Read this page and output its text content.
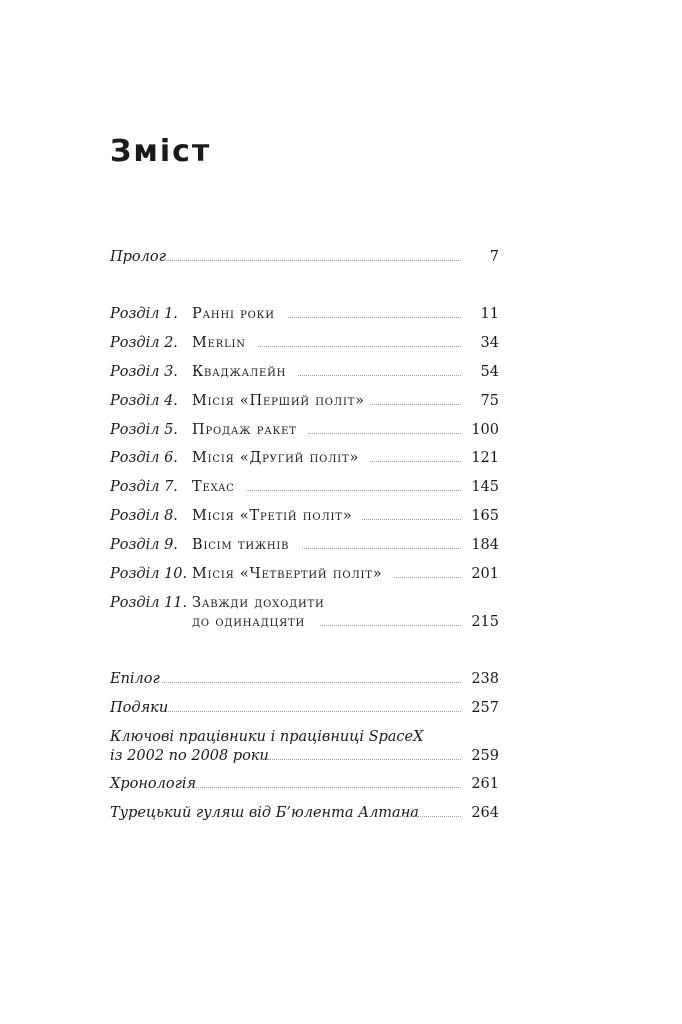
Зміст
Пролог	7
Розділ 1. Ранні роки	11
Розділ 2. Merlin	34
Розділ 3. Кваджалейн	54
Розділ 4. Місія «Перший політ»	75
Розділ 5. Продаж ракет	100
Розділ 6. Місія «Другий політ»	121
Розділ 7. Texac	145
Розділ 8. Місія «Третій політ»	165
Розділ 9. Вісім тижнів	184
Розділ 10. Місія «Четвертий політ»	201
Розділ 11. Завжди доходити
до одинадцяти	215
Епілог	238
Подяки	257
Ключові працівники і працівниці SpaceX
із 2002 по 2008 роки	259
Хронологія	261
Турецький гуляш від Б’юлента Алтана	264
